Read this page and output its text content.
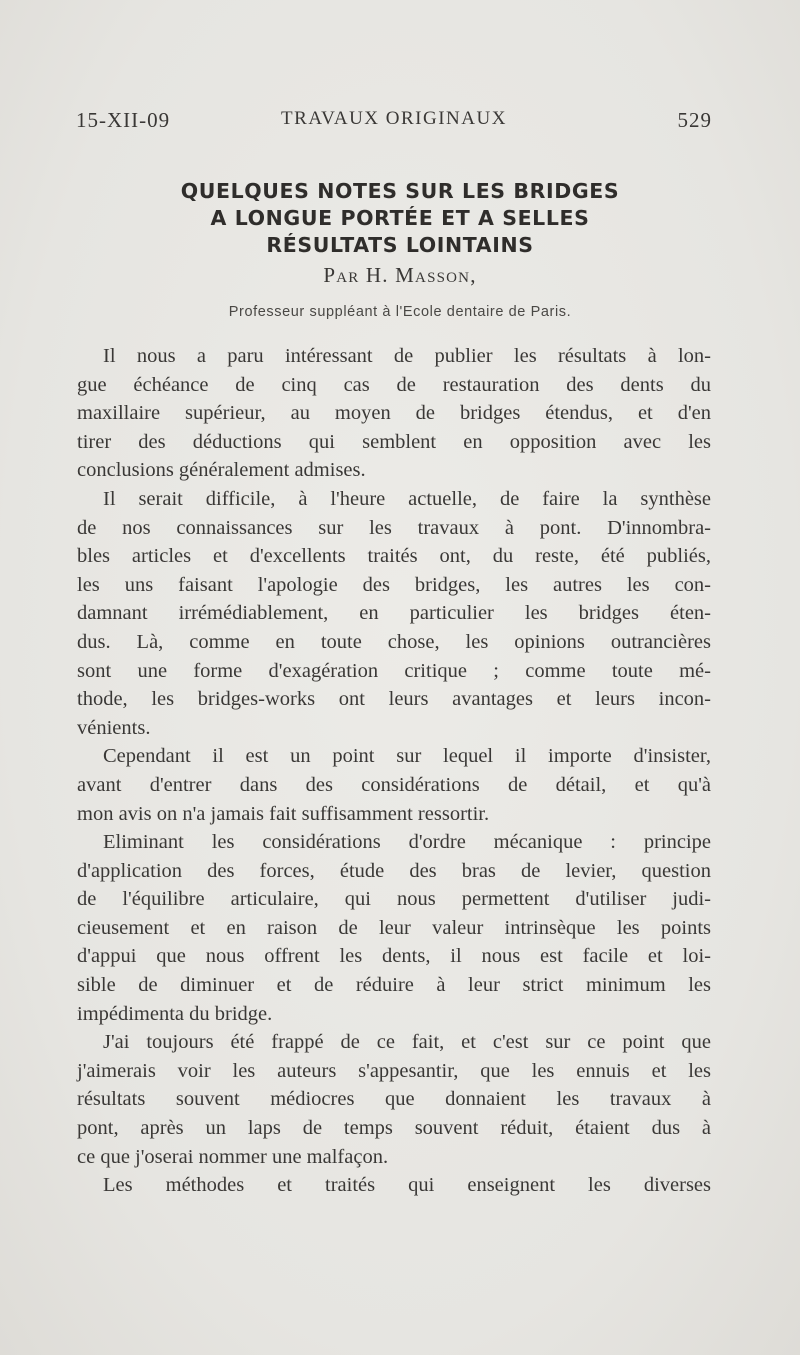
15-XII-09	TRAVAUX ORIGINAUX	529
QUELQUES NOTES SUR LES BRIDGES
A LONGUE PORTÉE ET A SELLES
RÉSULTATS LOINTAINS
Par H. Masson,
Professeur suppléant à l'Ecole dentaire de Paris.
Il nous a paru intéressant de publier les résultats à lon-
gue échéance de cinq cas de restauration des dents du
maxillaire supérieur, au moyen de bridges étendus, et d'en
tirer des déductions qui semblent en opposition avec les
conclusions généralement admises.
Il serait difficile, à l'heure actuelle, de faire la synthèse
de nos connaissances sur les travaux à pont. D'innombra-
bles articles et d'excellents traités ont, du reste, été publiés,
les uns faisant l'apologie des bridges, les autres les con-
damnant irrémédiablement, en particulier les bridges éten-
dus. Là, comme en toute chose, les opinions outrancières
sont une forme d'exagération critique ; comme toute mé-
thode, les bridges-works ont leurs avantages et leurs incon-
vénients.
Cependant il est un point sur lequel il importe d'insister,
avant d'entrer dans des considérations de détail, et qu'à
mon avis on n'a jamais fait suffisamment ressortir.
Eliminant les considérations d'ordre mécanique : principe
d'application des forces, étude des bras de levier, question
de l'équilibre articulaire, qui nous permettent d'utiliser judi-
cieusement et en raison de leur valeur intrinsèque les points
d'appui que nous offrent les dents, il nous est facile et loi-
sible de diminuer et de réduire à leur strict minimum les
impédimenta du bridge.
J'ai toujours été frappé de ce fait, et c'est sur ce point que
j'aimerais voir les auteurs s'appesantir, que les ennuis et les
résultats souvent médiocres que donnaient les travaux à
pont, après un laps de temps souvent réduit, étaient dus à
ce que j'oserai nommer une malfaçon.
Les méthodes et traités qui enseignent les diverses
